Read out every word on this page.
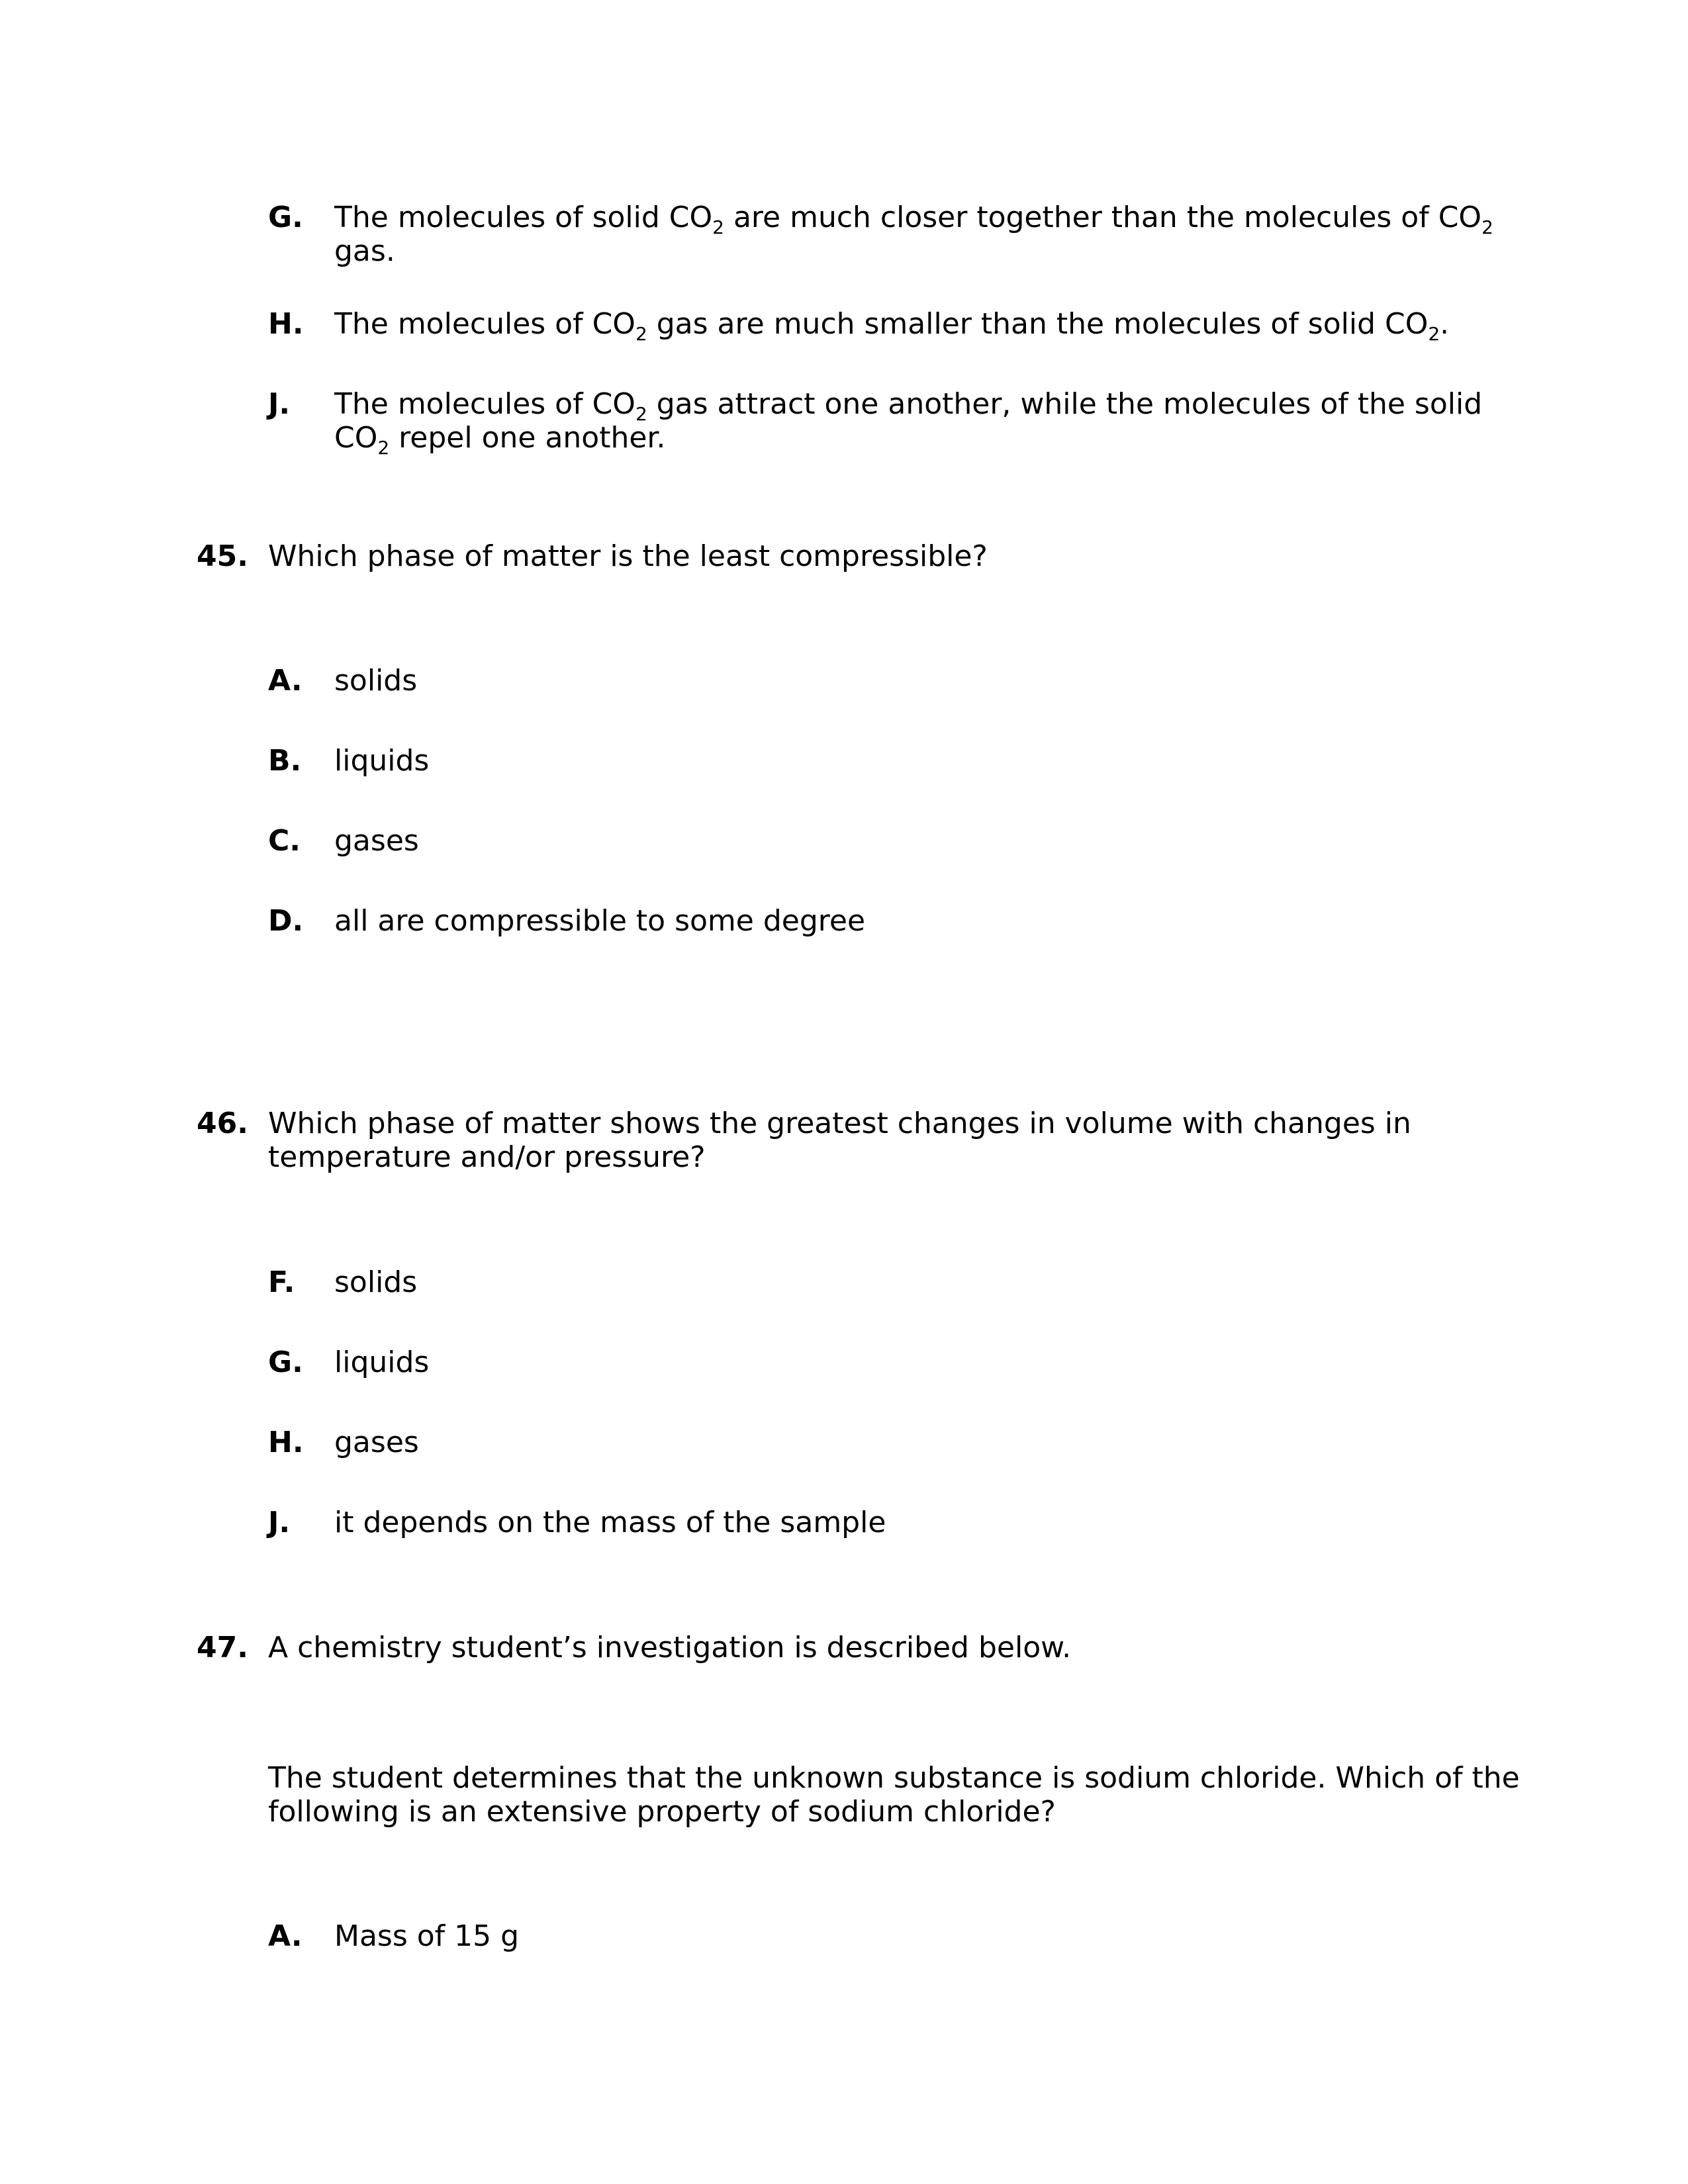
G. The molecules of solid $CO_2$ are much closer together than the molecules of $CO_2$
gas.
H. The molecules of $CO_2$ gas are much smaller than the molecules of solid $CO_2$.
J. The molecules of $CO_2$ gas attract one another, while the molecules of the solid
$CO_2$ repel one another.
45. Which phase of matter is the least compressible?
A. solids
B. liquids
C. gases
D. all are compressible to some degree
46. Which phase of matter shows the greatest changes in volume with changes in
temperature and/or pressure?
F. solids
G. liquids
H. gases
J. it depends on the mass of the sample
47. A chemistry student’s investigation is described below.
The student determines that the unknown substance is sodium chloride. Which of the
following is an extensive property of sodium chloride?
A. Mass of 15 g
